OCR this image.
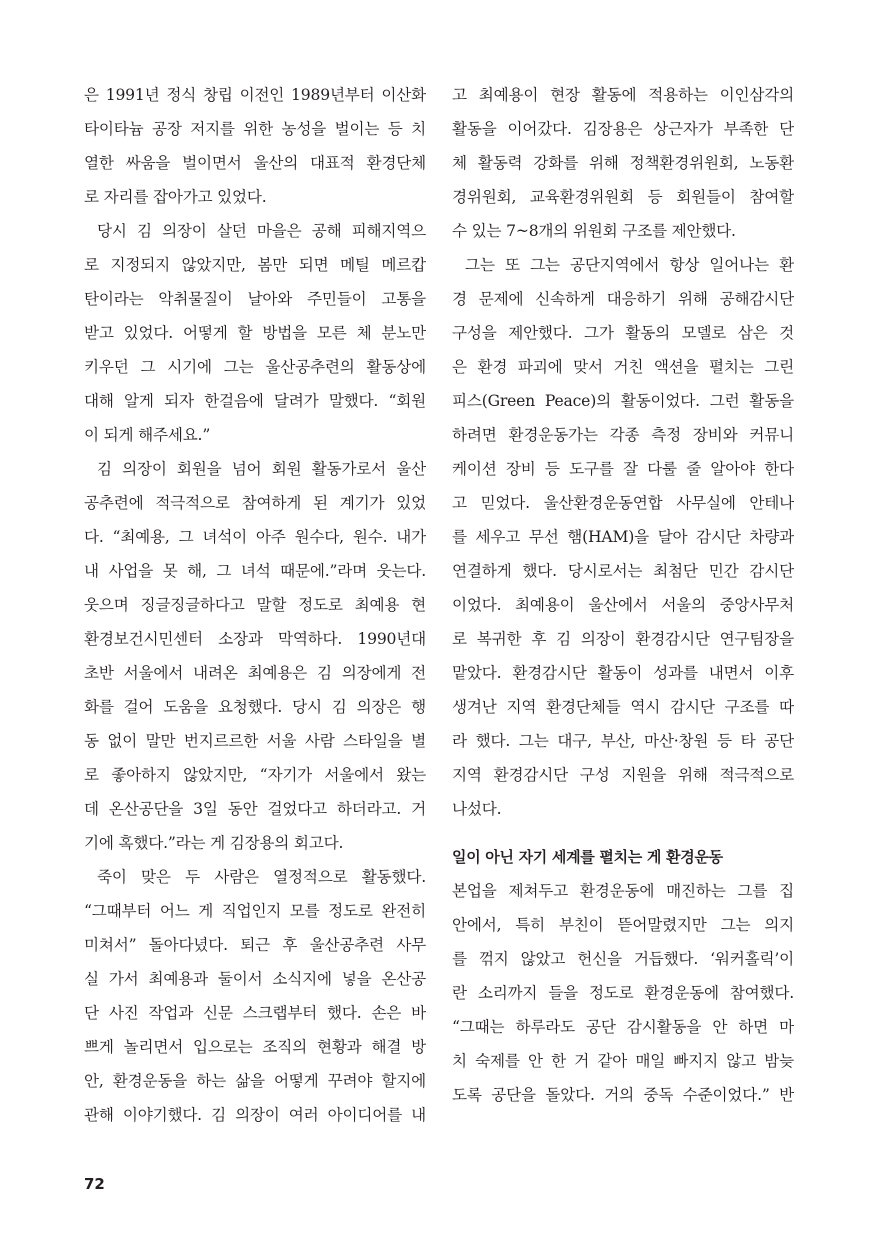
은 1991년 정식 창립 이전인 1989년부터 이산화
타이타늄 공장 저지를 위한 농성을 벌이는 등 치
열한 싸움을 벌이면서 울산의 대표적 환경단체
로 자리를 잡아가고 있었다.
당시 김 의장이 살던 마을은 공해 피해지역으
로 지정되지 않았지만, 봄만 되면 메틸 메르캅
탄이라는 악취물질이 날아와 주민들이 고통을
받고 있었다. 어떻게 할 방법을 모른 체 분노만
키우던 그 시기에 그는 울산공추련의 활동상에
대해 알게 되자 한걸음에 달려가 말했다. “회원
이 되게 해주세요.”
김 의장이 회원을 넘어 회원 활동가로서 울산
공추련에 적극적으로 참여하게 된 계기가 있었
다. “최예용, 그 녀석이 아주 원수다, 원수. 내가
내 사업을 못 해, 그 녀석 때문에.”라며 웃는다.
웃으며 징글징글하다고 말할 정도로 최예용 현
환경보건시민센터 소장과 막역하다. 1990년대
초반 서울에서 내려온 최예용은 김 의장에게 전
화를 걸어 도움을 요청했다. 당시 김 의장은 행
동 없이 말만 번지르르한 서울 사람 스타일을 별
로 좋아하지 않았지만, “자기가 서울에서 왔는
데 온산공단을 3일 동안 걸었다고 하더라고. 거
기에 혹했다.”라는 게 김장용의 회고다.
죽이 맞은 두 사람은 열정적으로 활동했다.
“그때부터 어느 게 직업인지 모를 정도로 완전히
미쳐서” 돌아다녔다. 퇴근 후 울산공추련 사무
실 가서 최예용과 둘이서 소식지에 넣을 온산공
단 사진 작업과 신문 스크랩부터 했다. 손은 바
쁘게 놀리면서 입으로는 조직의 현황과 해결 방
안, 환경운동을 하는 삶을 어떻게 꾸려야 할지에
관해 이야기했다. 김 의장이 여러 아이디어를 내
고 최예용이 현장 활동에 적용하는 이인삼각의
활동을 이어갔다. 김장용은 상근자가 부족한 단
체 활동력 강화를 위해 정책환경위원회, 노동환
경위원회, 교육환경위원회 등 회원들이 참여할
수 있는 7~8개의 위원회 구조를 제안했다.
그는 또 그는 공단지역에서 항상 일어나는 환
경 문제에 신속하게 대응하기 위해 공해감시단
구성을 제안했다. 그가 활동의 모델로 삼은 것
은 환경 파괴에 맞서 거친 액션을 펼치는 그린
피스(Green Peace)의 활동이었다. 그런 활동을
하려면 환경운동가는 각종 측정 장비와 커뮤니
케이션 장비 등 도구를 잘 다룰 줄 알아야 한다
고 믿었다. 울산환경운동연합 사무실에 안테나
를 세우고 무선 햄(HAM)을 달아 감시단 차량과
연결하게 했다. 당시로서는 최첨단 민간 감시단
이었다. 최예용이 울산에서 서울의 중앙사무처
로 복귀한 후 김 의장이 환경감시단 연구팀장을
맡았다. 환경감시단 활동이 성과를 내면서 이후
생겨난 지역 환경단체들 역시 감시단 구조를 따
라 했다. 그는 대구, 부산, 마산·창원 등 타 공단
지역 환경감시단 구성 지원을 위해 적극적으로
나섰다.
일이 아닌 자기 세계를 펼치는 게 환경운동
본업을 제쳐두고 환경운동에 매진하는 그를 집
안에서, 특히 부친이 뜯어말렸지만 그는 의지
를 꺾지 않았고 헌신을 거듭했다. ‘워커홀릭’이
란 소리까지 들을 정도로 환경운동에 참여했다.
“그때는 하루라도 공단 감시활동을 안 하면 마
치 숙제를 안 한 거 같아 매일 빠지지 않고 밤늦
도록 공단을 돌았다. 거의 중독 수준이었다.” 반
72
